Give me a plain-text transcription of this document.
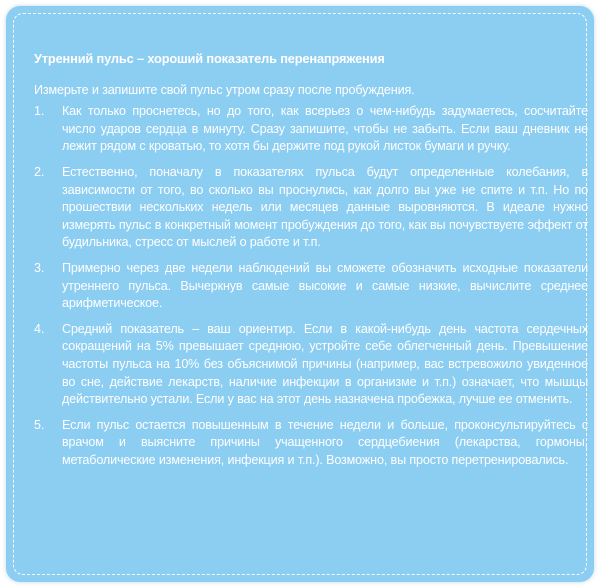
Утренний пульс – хороший показатель перенапряжения
Измерьте и запишите свой пульс утром сразу после пробуждения.
1. Как только проснетесь, но до того, как всерьез о чем-нибудь задумаетесь, сосчитайте число ударов сердца в минуту. Сразу запишите, чтобы не забыть. Если ваш дневник не лежит рядом с кроватью, то хотя бы держите под рукой листок бумаги и ручку.
2. Естественно, поначалу в показателях пульса будут определенные колебания, в зависимости от того, во сколько вы проснулись, как долго вы уже не спите и т.п. Но по прошествии нескольких недель или месяцев данные выровняются. В идеале нужно измерять пульс в конкретный момент пробуждения до того, как вы почувствуете эффект от будильника, стресс от мыслей о работе и т.п.
3. Примерно через две недели наблюдений вы сможете обозначить исходные показатели утреннего пульса. Вычеркнув самые высокие и самые низкие, вычислите среднее арифметическое.
4. Средний показатель – ваш ориентир. Если в какой-нибудь день частота сердечных сокращений на 5% превышает среднюю, устройте себе облегченный день. Превышение частоты пульса на 10% без объяснимой причины (например, вас встревожило увиденное во сне, действие лекарств, наличие инфекции в организме и т.п.) означает, что мышцы действительно устали. Если у вас на этот день назначена пробежка, лучше ее отменить.
5. Если пульс остается повышенным в течение недели и больше, проконсультируйтесь с врачом и выясните причины учащенного сердцебиения (лекарства, гормоны, метаболические изменения, инфекция и т.п.). Возможно, вы просто перетренировались.
